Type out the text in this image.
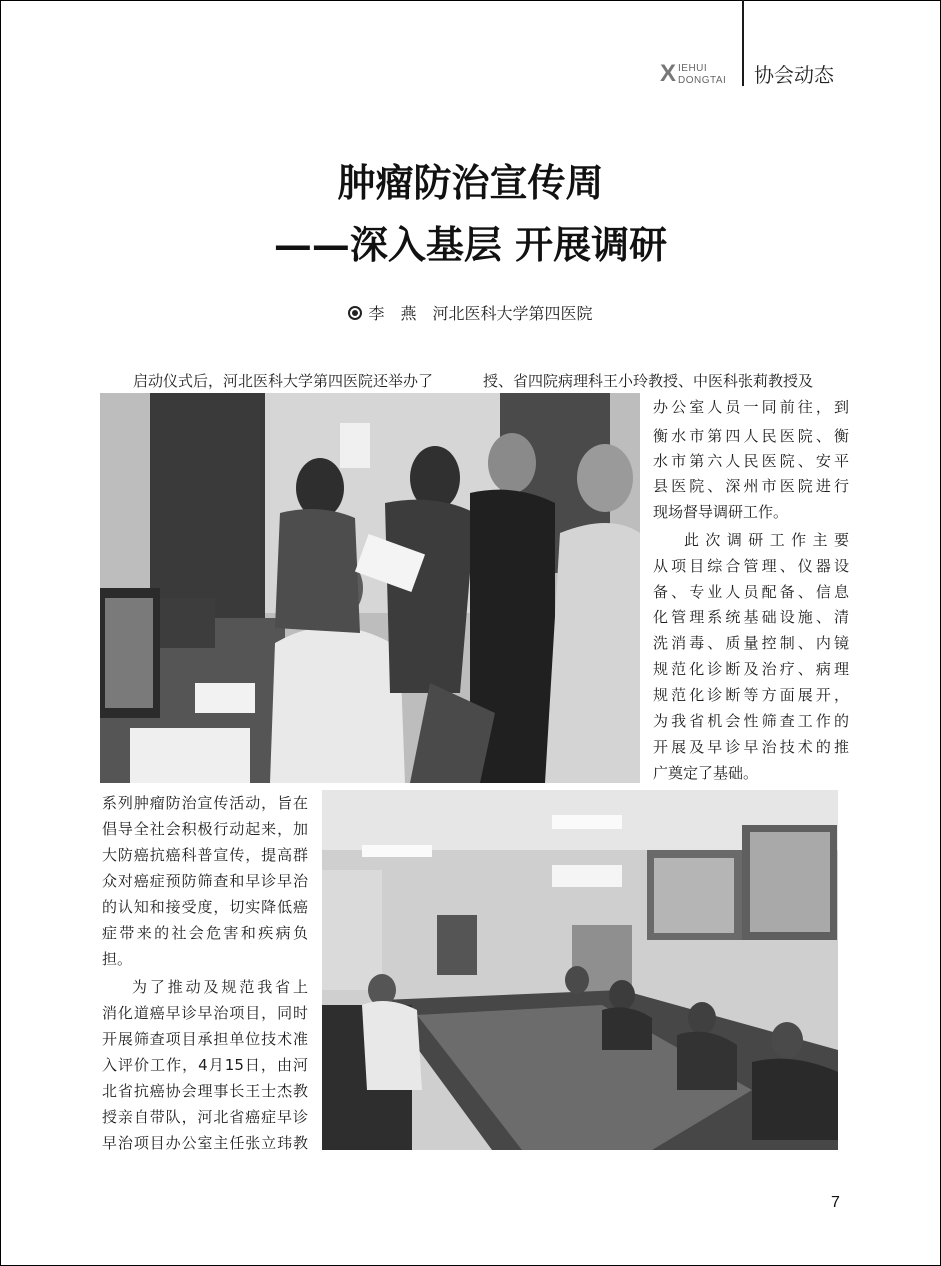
X IEHUI
DONGTAI 协会动态
肿瘤防治宣传周
——深入基层 开展调研
李　燕　河北医科大学第四医院
启动仪式后，河北医科大学第四医院还举办了	授、省四院病理科王小玲教授、中医科张莉教授及
办公室人员一同前往，到
衡水市第四人民医院、衡
水市第六人民医院、安平
县医院、深州市医院进行
现场督导调研工作。
此次调研工作主要
从项目综合管理、仪器设
备、专业人员配备、信息
化管理系统基础设施、清
洗消毒、质量控制、内镜
规范化诊断及治疗、病理
规范化诊断等方面展开，
为我省机会性筛查工作的
开展及早诊早治技术的推
广奠定了基础。
系列肿瘤防治宣传活动，旨在
倡导全社会积极行动起来，加
大防癌抗癌科普宣传，提高群
众对癌症预防筛查和早诊早治
的认知和接受度，切实降低癌
症带来的社会危害和疾病负
担。
为了推动及规范我省上
消化道癌早诊早治项目，同时
开展筛查项目承担单位技术准
入评价工作，4月15日，由河
北省抗癌协会理事长王士杰教
授亲自带队，河北省癌症早诊
早治项目办公室主任张立玮教
7
